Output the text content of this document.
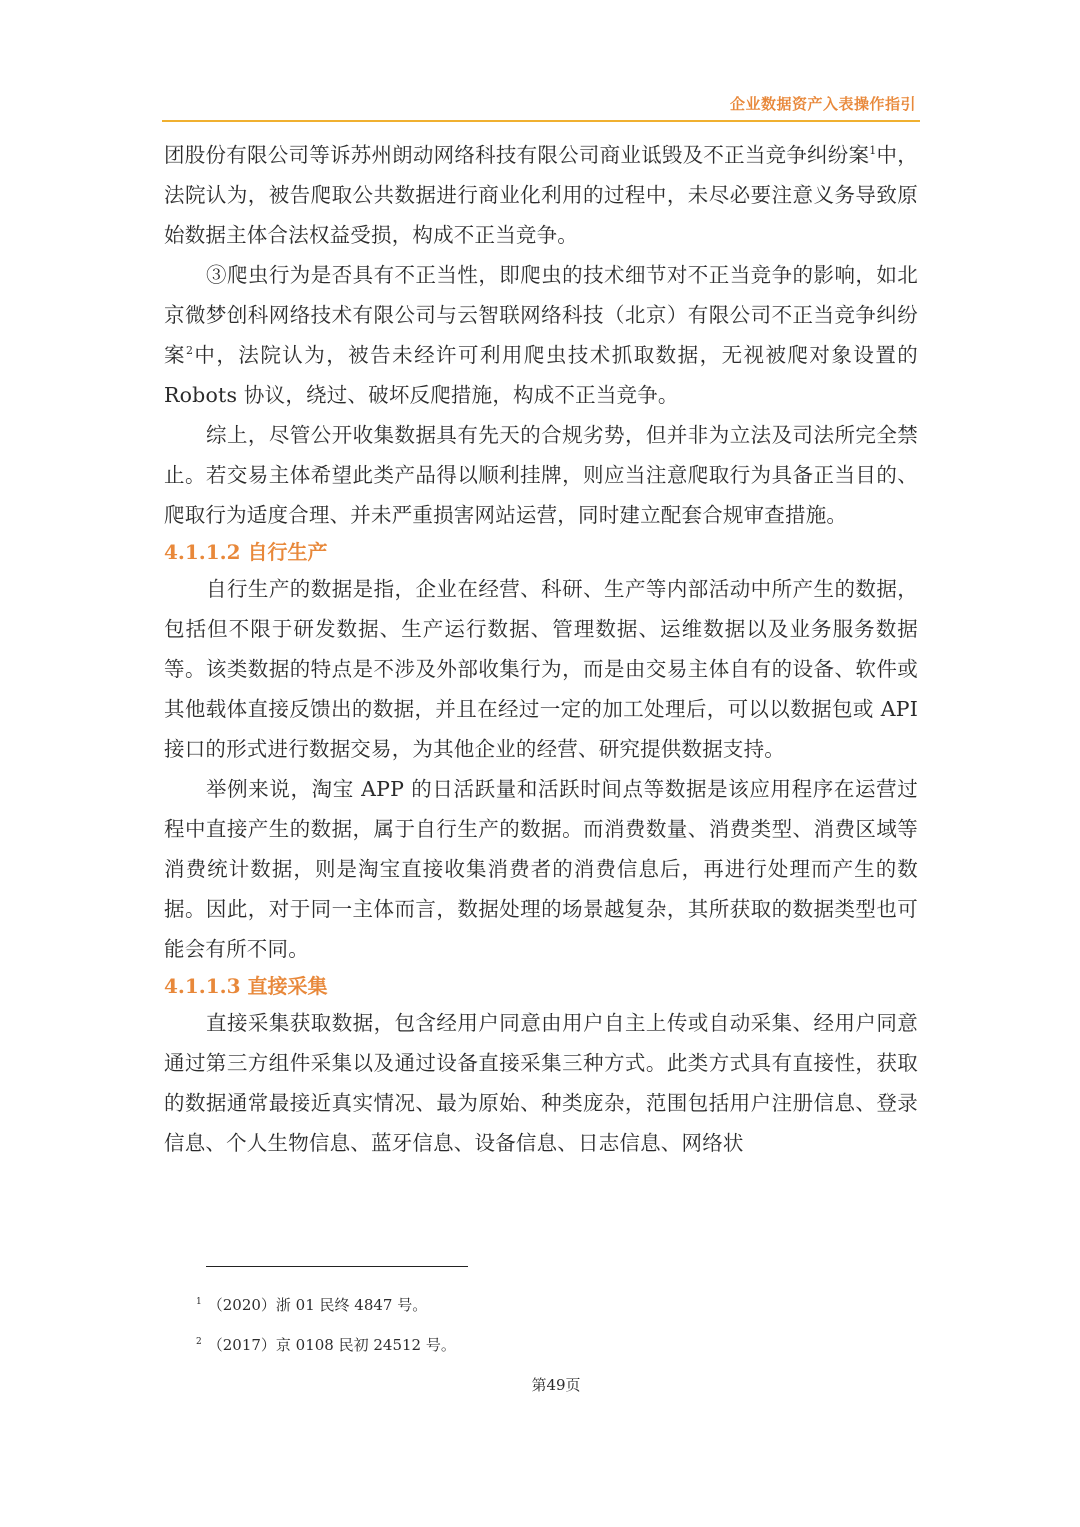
企业数据资产入表操作指引

团股份有限公司等诉苏州朗动网络科技有限公司商业诋毁及不正当竞争纠纷案$^1$中，法院认为，被告爬取公共数据进行商业化利用的过程中，未尽必要注意义务导致原始数据主体合法权益受损，构成不正当竞争。

③爬虫行为是否具有不正当性，即爬虫的技术细节对不正当竞争的影响，如北京微梦创科网络技术有限公司与云智联网络科技（北京）有限公司不正当竞争纠纷案$^2$中，法院认为，被告未经许可利用爬虫技术抓取数据，无视被爬对象设置的 Robots 协议，绕过、破坏反爬措施，构成不正当竞争。

综上，尽管公开收集数据具有先天的合规劣势，但并非为立法及司法所完全禁止。若交易主体希望此类产品得以顺利挂牌，则应当注意爬取行为具备正当目的、爬取行为适度合理、并未严重损害网站运营，同时建立配套合规审查措施。

4.1.1.2 自行生产

自行生产的数据是指，企业在经营、科研、生产等内部活动中所产生的数据，包括但不限于研发数据、生产运行数据、管理数据、运维数据以及业务服务数据等。该类数据的特点是不涉及外部收集行为，而是由交易主体自有的设备、软件或其他载体直接反馈出的数据，并且在经过一定的加工处理后，可以以数据包或 API 接口的形式进行数据交易，为其他企业的经营、研究提供数据支持。

举例来说，淘宝 APP 的日活跃量和活跃时间点等数据是该应用程序在运营过程中直接产生的数据，属于自行生产的数据。而消费数量、消费类型、消费区域等消费统计数据，则是淘宝直接收集消费者的消费信息后，再进行处理而产生的数据。因此，对于同一主体而言，数据处理的场景越复杂，其所获取的数据类型也可能会有所不同。

4.1.1.3 直接采集

直接采集获取数据，包含经用户同意由用户自主上传或自动采集、经用户同意通过第三方组件采集以及通过设备直接采集三种方式。此类方式具有直接性，获取的数据通常最接近真实情况、最为原始、种类庞杂，范围包括用户注册信息、登录信息、个人生物信息、蓝牙信息、设备信息、日志信息、网络状

$^1$ （2020）浙 01 民终 4847 号。
$^2$ （2017）京 0108 民初 24512 号。
第49页
